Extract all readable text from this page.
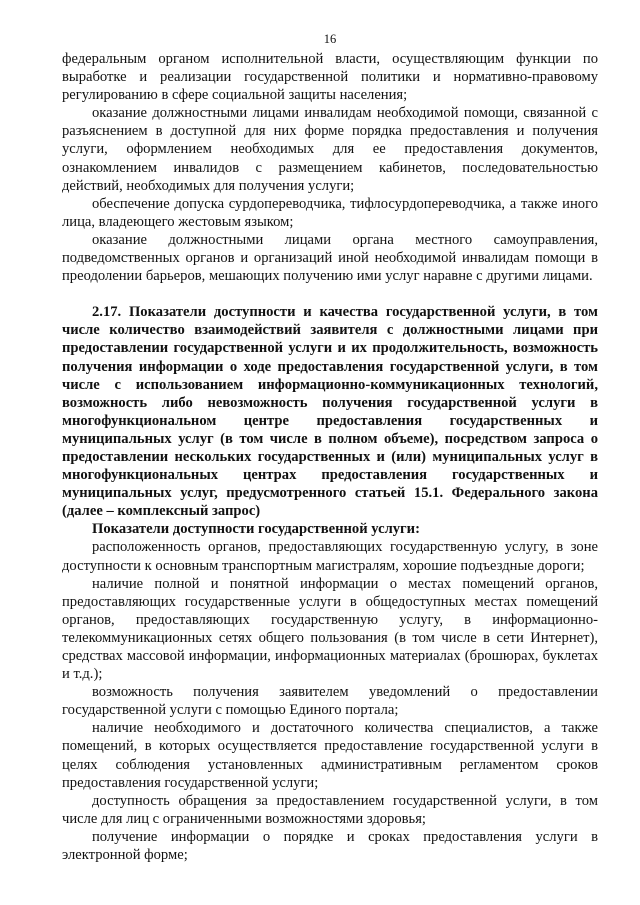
16

федеральным органом исполнительной власти, осуществляющим функции по выработке и реализации государственной политики и нормативно-правовому регулированию в сфере социальной защиты населения;

оказание должностными лицами инвалидам необходимой помощи, связанной с разъяснением в доступной для них форме порядка предоставления и получения услуги, оформлением необходимых для ее предоставления документов, ознакомлением инвалидов с размещением кабинетов, последовательностью действий, необходимых для получения услуги;

обеспечение допуска сурдопереводчика, тифлосурдопереводчика, а также иного лица, владеющего жестовым языком;

оказание должностными лицами органа местного самоуправления, подведомственных органов и организаций иной необходимой инвалидам помощи в преодолении барьеров, мешающих получению ими услуг наравне с другими лицами.

2.17. Показатели доступности и качества государственной услуги, в том числе количество взаимодействий заявителя с должностными лицами при предоставлении государственной услуги и их продолжительность, возможность получения информации о ходе предоставления государственной услуги, в том числе с использованием информационно-коммуникационных технологий, возможность либо невозможность получения государственной услуги в многофункциональном центре предоставления государственных и муниципальных услуг (в том числе в полном объеме), посредством запроса о предоставлении нескольких государственных и (или) муниципальных услуг в многофункциональных центрах предоставления государственных и муниципальных услуг, предусмотренного статьей 15.1. Федерального закона (далее – комплексный запрос)

Показатели доступности государственной услуги:

расположенность органов, предоставляющих государственную услугу, в зоне доступности к основным транспортным магистралям, хорошие подъездные дороги;

наличие полной и понятной информации о местах помещений органов, предоставляющих государственные услуги в общедоступных местах помещений органов, предоставляющих государственную услугу, в информационно-телекоммуникационных сетях общего пользования (в том числе в сети Интернет), средствах массовой информации, информационных материалах (брошюрах, буклетах и т.д.);

возможность получения заявителем уведомлений о предоставлении государственной услуги с помощью Единого портала;

наличие необходимого и достаточного количества специалистов, а также помещений, в которых осуществляется предоставление государственной услуги в целях соблюдения установленных административным регламентом сроков предоставления государственной услуги;

доступность обращения за предоставлением государственной услуги, в том числе для лиц с ограниченными возможностями здоровья;

получение информации о порядке и сроках предоставления услуги в электронной форме;
